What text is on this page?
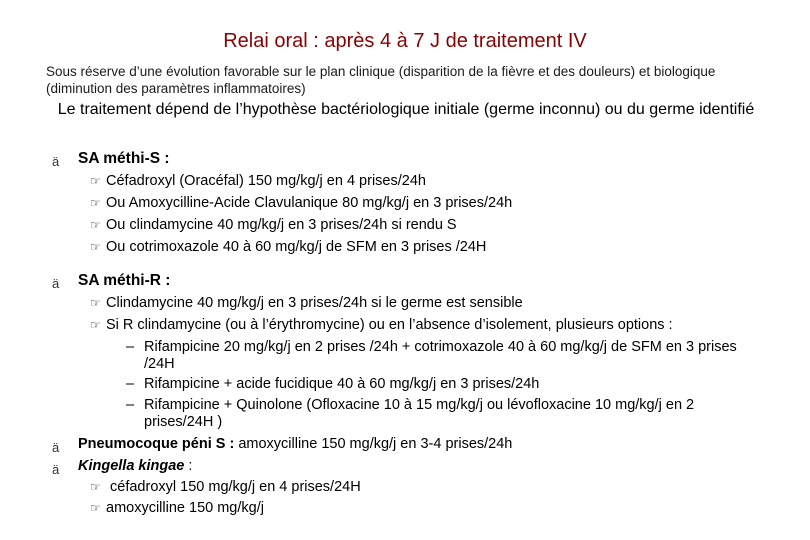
Relai oral : après 4 à 7 J de traitement IV
Sous réserve d’une évolution favorable sur le plan clinique (disparition de la fièvre et des douleurs) et biologique (diminution des paramètres inflammatoires)
Le traitement dépend de l’hypothèse bactériologique initiale (germe inconnu) ou du germe identifié
ä SA méthi-S :
☞ Céfadroxyl (Oracéfal) 150 mg/kg/j en 4 prises/24h
☞ Ou Amoxycilline-Acide Clavulanique 80 mg/kg/j en 3 prises/24h
☞ Ou clindamycine 40 mg/kg/j en 3 prises/24h si rendu S
☞ Ou cotrimoxazole 40 à 60 mg/kg/j de SFM en 3 prises /24H
ä SA méthi-R :
☞ Clindamycine 40 mg/kg/j en 3 prises/24h si le germe est sensible
☞ Si R clindamycine (ou à l’érythromycine) ou en l’absence d’isolement, plusieurs options :
– Rifampicine 20 mg/kg/j en 2 prises /24h + cotrimoxazole 40 à 60 mg/kg/j de SFM en 3 prises /24H
– Rifampicine + acide fucidique 40 à 60 mg/kg/j en 3 prises/24h
– Rifampicine + Quinolone (Ofloxacine 10 à 15 mg/kg/j ou lévofloxacine 10 mg/kg/j en 2 prises/24H )
ä Pneumocoque péni S : amoxycilline 150 mg/kg/j en 3-4 prises/24h
ä Kingella kingae :
☞ céfadroxyl 150 mg/kg/j en 4 prises/24H
☞ amoxycilline 150 mg/kg/j
